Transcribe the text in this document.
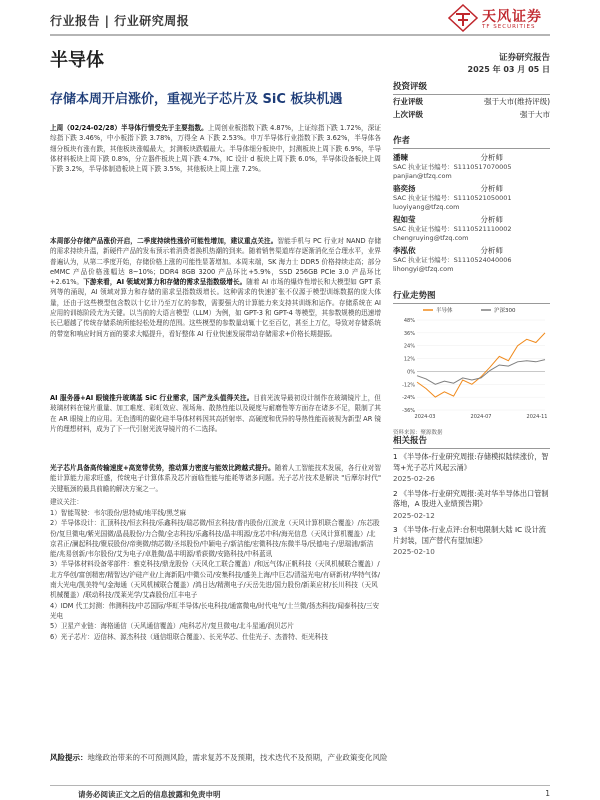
行业报告 | 行业研究周报	天风证券
TF SECURITIES
半导体	证券研究报告
2025 年 03 月 05 日
存储本周开启涨价，重视光子芯片及 SiC 板块机遇
上周（02/24-02/28）半导体行情受先于主要指数。上周创业板指数下跌 4.87%，上证综指下跌 1.72%，深证综指下跌 3.46%，中小板指下跌 3.78%，万得全 A 下跌 2.53%。申万半导体行业指数下跌 3.62%，半导体各细分板块有涨有跌，其他板块涨幅最大，封测板块跌幅最大。半导体细分板块中，封测板块上周下跌 6.9%，半导体材料板块上周下跌 0.8%，分立器件板块上周下跌 4.7%，IC 设计 d 板块上周下跌 6.0%，半导体设备板块上周下跌 3.2%，半导体制造板块上周下跌 3.5%，其他板块上周上涨 7.2%。
本周部分存储产品涨价开启，二季度持续性涨价可能性增加，建议重点关注。智能手机与 PC 行业对 NAND 存储的需求持续升温，新硬件产品的发布预示着消费者换机热潮的到来。随着销售渠道库存逐渐消化至合理水平，业界普遍认为，从第二季度开始，存储价格上涨的可能性显著增加。本周末端，SK 海力士 DDR5 价格持续走高；部分 eMMC 产品价格涨幅达 8~10%；DDR4 8GB 3200 产品环比+5.9%，SSD 256GB PCIe 3.0 产品环比+2.61%。下游来看，AI 领域对算力和存储的需求呈指数级增长。随着 AI 市场的爆炸性增长和大模型如 GPT 系列等的涌现，AI 领域对算力和存储的需求呈指数级增长。这种需求的快速扩张不仅源于模型训练数据的庞大体量，还由于这些模型包含数以十亿计乃至万亿的参数，需要强大的计算能力来支持其训练和运作。存储系统在 AI 应用的训练阶段尤为关键。以当前的大语言模型（LLM）为例，如 GPT-3 和 GPT-4 等模型，其参数规模的迅速增长已超越了传统存储系统所能轻松处理的范围。这些模型的参数量动辄十亿至百亿，甚至上万亿，导致对存储系统的带宽和响应时间方面的要求大幅提升，看好整体 AI 行业快速发展带动存储需求+价格长期提振。
AI 服务器+AI 眼镜推升玻璃基 SiC 行业需求，国产龙头值得关注。目前光波导最初设计制作在玻璃镜片上，但玻璃材料在镜片重量、加工难度、彩虹效应、视场角、散热性能以及硬度与耐磨性等方面存在诸多不足，限制了其在 AR 眼镜上的应用。无色透明的碳化硅半导体材料因其高折射率、高硬度和优异的导热性能而被视为新型 AR 镜片的理想材料，成为了下一代引射光波导镜片的不二选择。
光子芯片具备高传输速度+高宽带优势，推动算力密度与能效比跨越式提升。随着人工智能技术发展，各行业对智能计算能力需求旺盛，传统电子计算体系及芯片面临性能与能耗等诸多问题。光子芯片技术是解决 "后摩尔时代" 关键瓶颈的最具前瞻的解决方案之一。
建议关注：
1）智能驾驶：韦尔股份/思特威/地平线/黑芝麻
2）半导体设计：汇顶科技/恒玄科技/乐鑫科技/瑞芯微/恒玄科技/普冉股份/江波龙（天风计算机联合覆盖）/东芯股份/复旦微电/紫光国微/晶晨股份/力合微/全志科技/乐鑫科技/晶丰明源/龙芯中科/海光信息（天风计算机覆盖）/北京君正/澜起科技/聚辰股份/帝奥微/纳芯微/圣邦股份/中颖电子/新洁能/宏微科技/东微半导/民德电子/思瑞浦/新洁能/兆易创新/韦尔股份/艾为电子/卓胜微/晶丰明源/希荻微/安路科技/中科蓝讯
3）半导体材料设备零部件：雅克科技/鼎龙股份（天风化工联合覆盖）/和远气体/正帆科技（天风机械联合覆盖）/北方华创/富创精密/精智达/沪硅产业/上海新阳/中微公司/安集科技/盛美上海/中巨芯/清溢光电/有研新材/华特气体/南大光电/凯美特气/金海通（天风机械联合覆盖）/鸿日达/精测电子/天岳先进/国力股份/新莱应材/长川科技（天风机械覆盖）/联动科技/茂莱光学/艾森股份/江丰电子
4）IDM 代工封测：伟测科技/中芯国际/华虹半导体/长电科技/通富微电/时代电气/士兰微/扬杰科技/闻泰科技/三安光电
5）卫星产业链：海格通信（天风通信覆盖）/电科芯片/复旦微电/北斗星通/润贝芯片
6）光子芯片：迈信林、源杰科技（通信组联合覆盖）、长光华芯、仕佳光子、杰普特、炬光科技
风险提示：地缘政治带来的不可预测风险，需求复苏不及预期，技术迭代不及预期，产业政策变化风险
投资评级
行业评级	强于大市(维持评级)
上次评级	强于大市
作者
潘暕	分析师
SAC 执业证书编号：S1110517070005
panjian@tfzq.com
骆奕扬	分析师
SAC 执业证书编号：S1110521050001
luoyiyang@tfzq.com
程如莹	分析师
SAC 执业证书编号：S1110521110002
chengruying@tfzq.com
李泓依	分析师
SAC 执业证书编号：S1110524040006
lihongyi@tfzq.com
行业走势图
48%
36%
24%
12%
0%
-12%
-24%
-36%
2024-03	2024-07	2024-11
半导体	沪深300
资料来源：聚源数据
相关报告
1 《半导体-行业研究周报:存储模拟陆续涨价，智驾+光子芯片风起云涌》
2025-02-26
2 《半导体-行业研究周报:美对华半导体出口管制落地，A 股进入业绩预告期》
2025-02-12
3 《半导体-行业点评:台积电限制大陆 IC 设计流片封装，国产替代有望加速》
2025-02-10
请务必阅读正文之后的信息披露和免责申明	1
